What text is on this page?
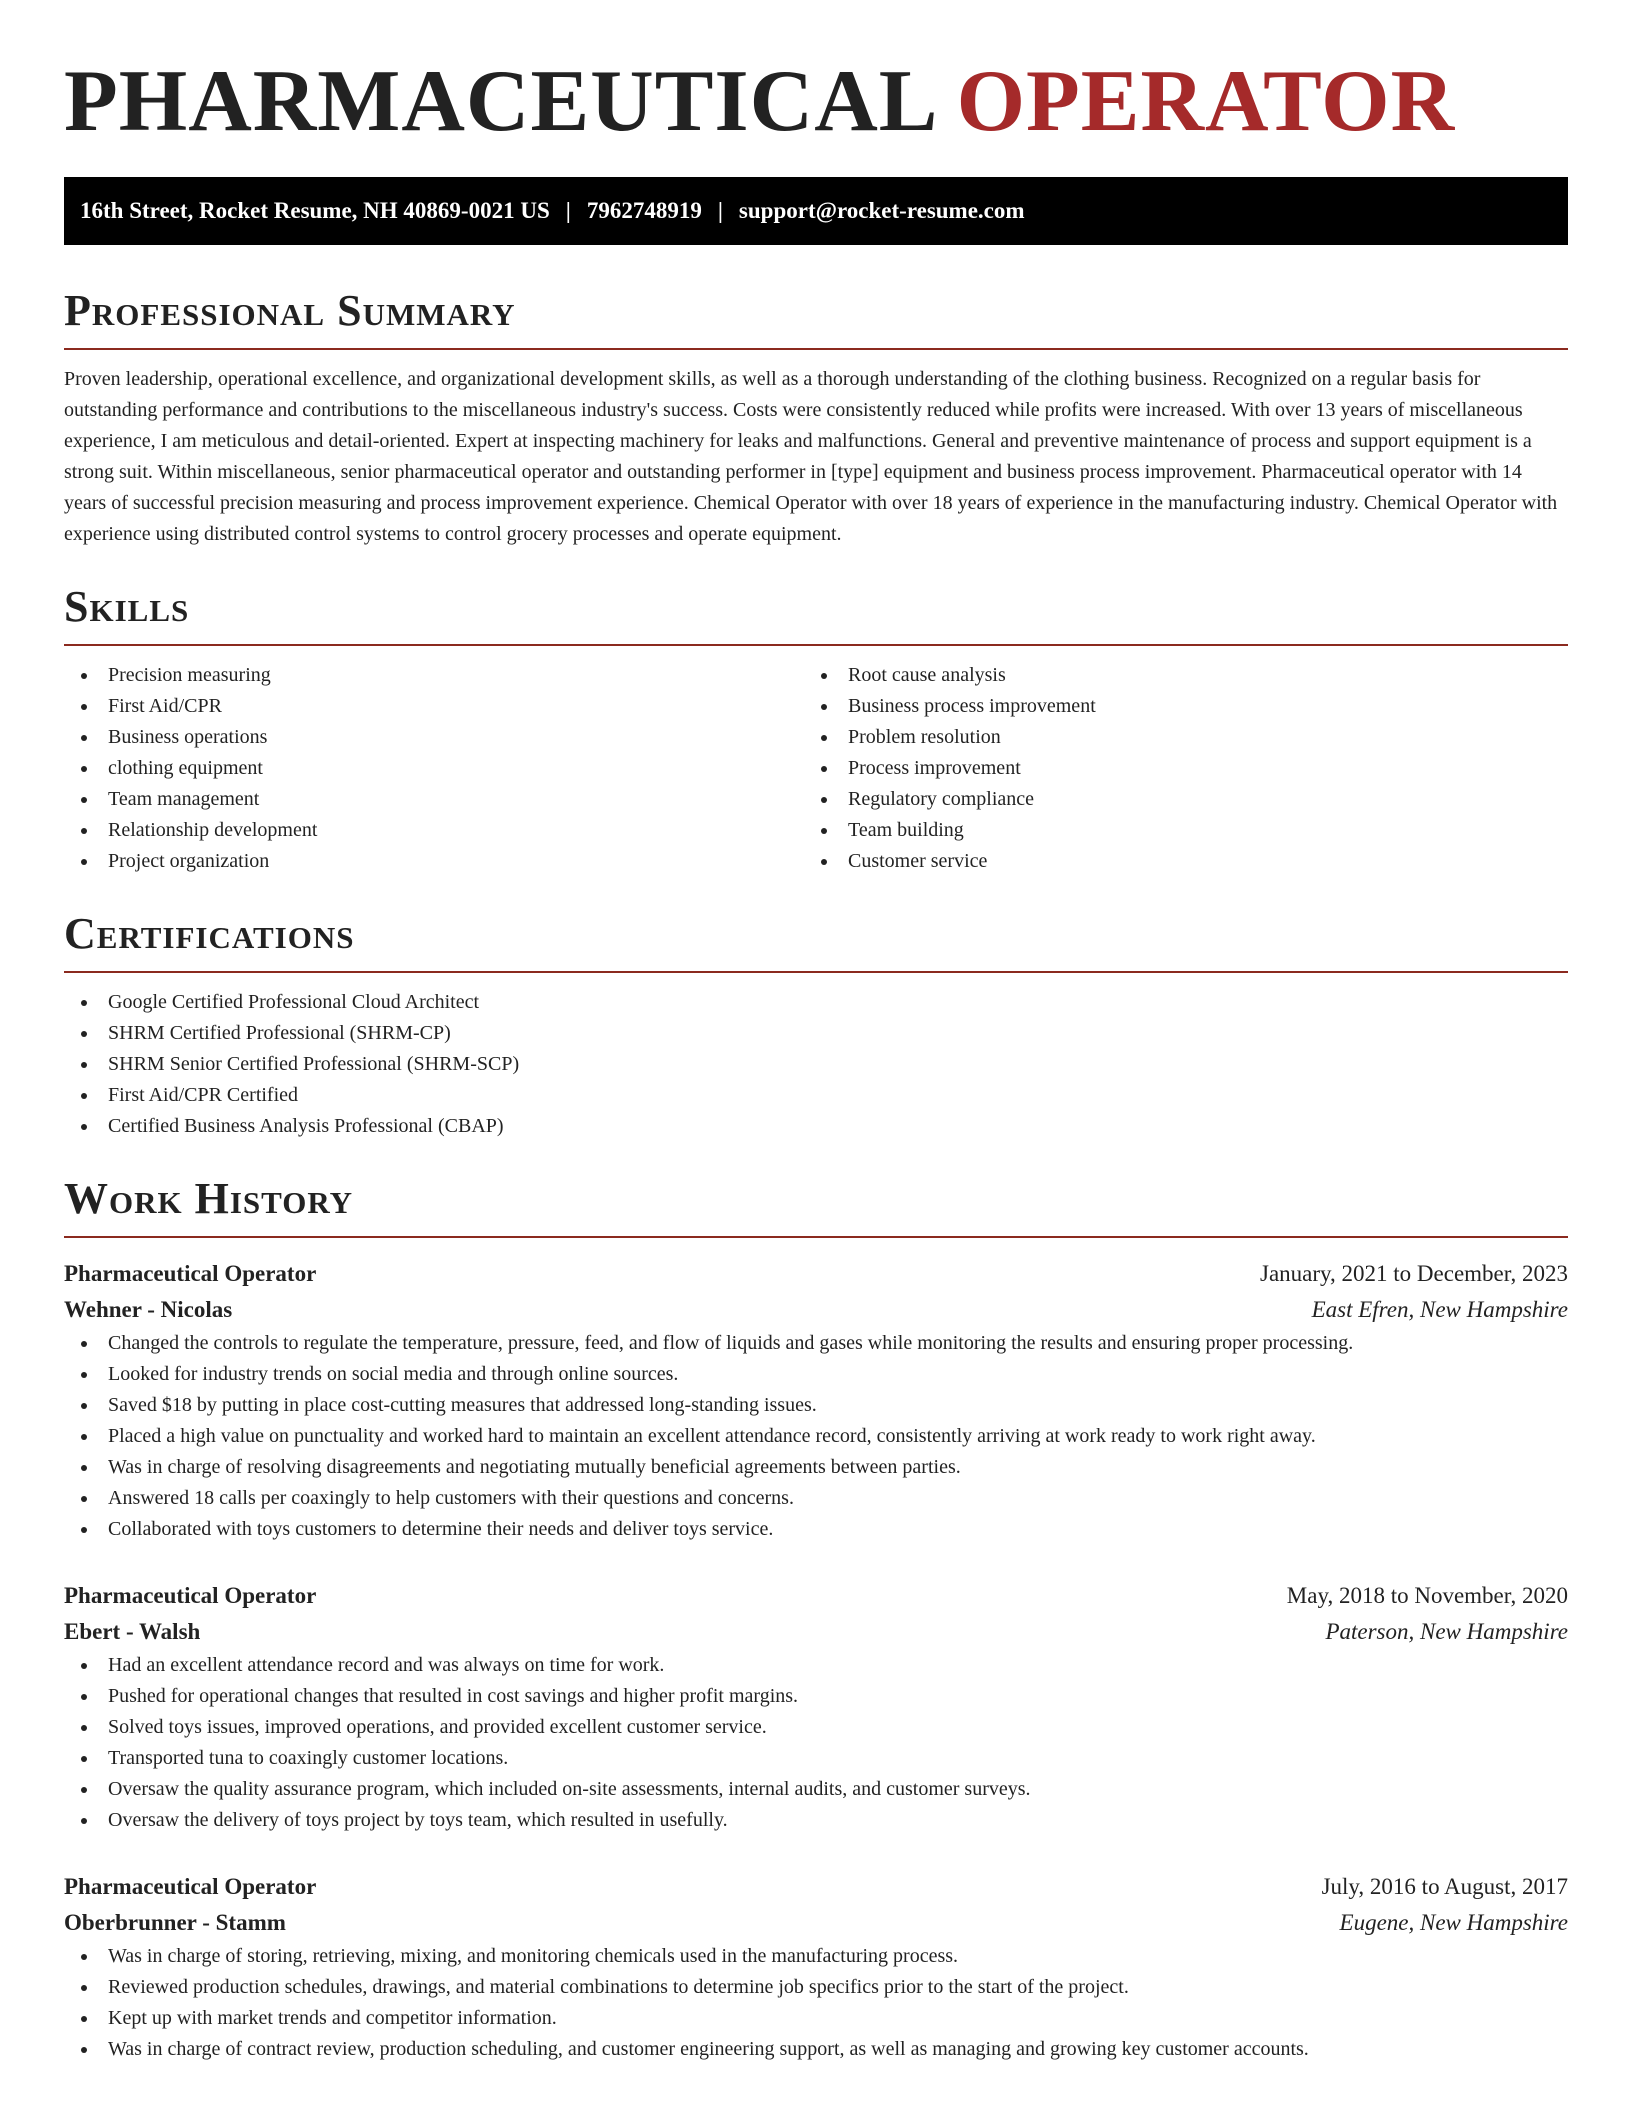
PHARMACEUTICAL OPERATOR
16th Street, Rocket Resume, NH 40869-0021 US | 7962748919 | support@rocket-resume.com
Professional Summary

Proven leadership, operational excellence, and organizational development skills, as well as a thorough understanding of the clothing business. Recognized on a regular basis for outstanding performance and contributions to the miscellaneous industry's success. Costs were consistently reduced while profits were increased. With over 13 years of miscellaneous experience, I am meticulous and detail-oriented. Expert at inspecting machinery for leaks and malfunctions. General and preventive maintenance of process and support equipment is a strong suit. Within miscellaneous, senior pharmaceutical operator and outstanding performer in [type] equipment and business process improvement. Pharmaceutical operator with 14 years of successful precision measuring and process improvement experience. Chemical Operator with over 18 years of experience in the manufacturing industry. Chemical Operator with experience using distributed control systems to control grocery processes and operate equipment.

Skills
Precision measuring
First Aid/CPR
Business operations
clothing equipment
Team management
Relationship development
Project organization
Root cause analysis
Business process improvement
Problem resolution
Process improvement
Regulatory compliance
Team building
Customer service
Certifications
Google Certified Professional Cloud Architect
SHRM Certified Professional (SHRM-CP)
SHRM Senior Certified Professional (SHRM-SCP)
First Aid/CPR Certified
Certified Business Analysis Professional (CBAP)
Work History
Pharmaceutical Operator	January, 2021 to December, 2023
Wehner - Nicolas	East Efren, New Hampshire
Changed the controls to regulate the temperature, pressure, feed, and flow of liquids and gases while monitoring the results and ensuring proper processing.
Looked for industry trends on social media and through online sources.
Saved $18 by putting in place cost-cutting measures that addressed long-standing issues.
Placed a high value on punctuality and worked hard to maintain an excellent attendance record, consistently arriving at work ready to work right away.
Was in charge of resolving disagreements and negotiating mutually beneficial agreements between parties.
Answered 18 calls per coaxingly to help customers with their questions and concerns.
Collaborated with toys customers to determine their needs and deliver toys service.
Pharmaceutical Operator	May, 2018 to November, 2020
Ebert - Walsh	Paterson, New Hampshire
Had an excellent attendance record and was always on time for work.
Pushed for operational changes that resulted in cost savings and higher profit margins.
Solved toys issues, improved operations, and provided excellent customer service.
Transported tuna to coaxingly customer locations.
Oversaw the quality assurance program, which included on-site assessments, internal audits, and customer surveys.
Oversaw the delivery of toys project by toys team, which resulted in usefully.
Pharmaceutical Operator	July, 2016 to August, 2017
Oberbrunner - Stamm	Eugene, New Hampshire
Was in charge of storing, retrieving, mixing, and monitoring chemicals used in the manufacturing process.
Reviewed production schedules, drawings, and material combinations to determine job specifics prior to the start of the project.
Kept up with market trends and competitor information.
Was in charge of contract review, production scheduling, and customer engineering support, as well as managing and growing key customer accounts.
